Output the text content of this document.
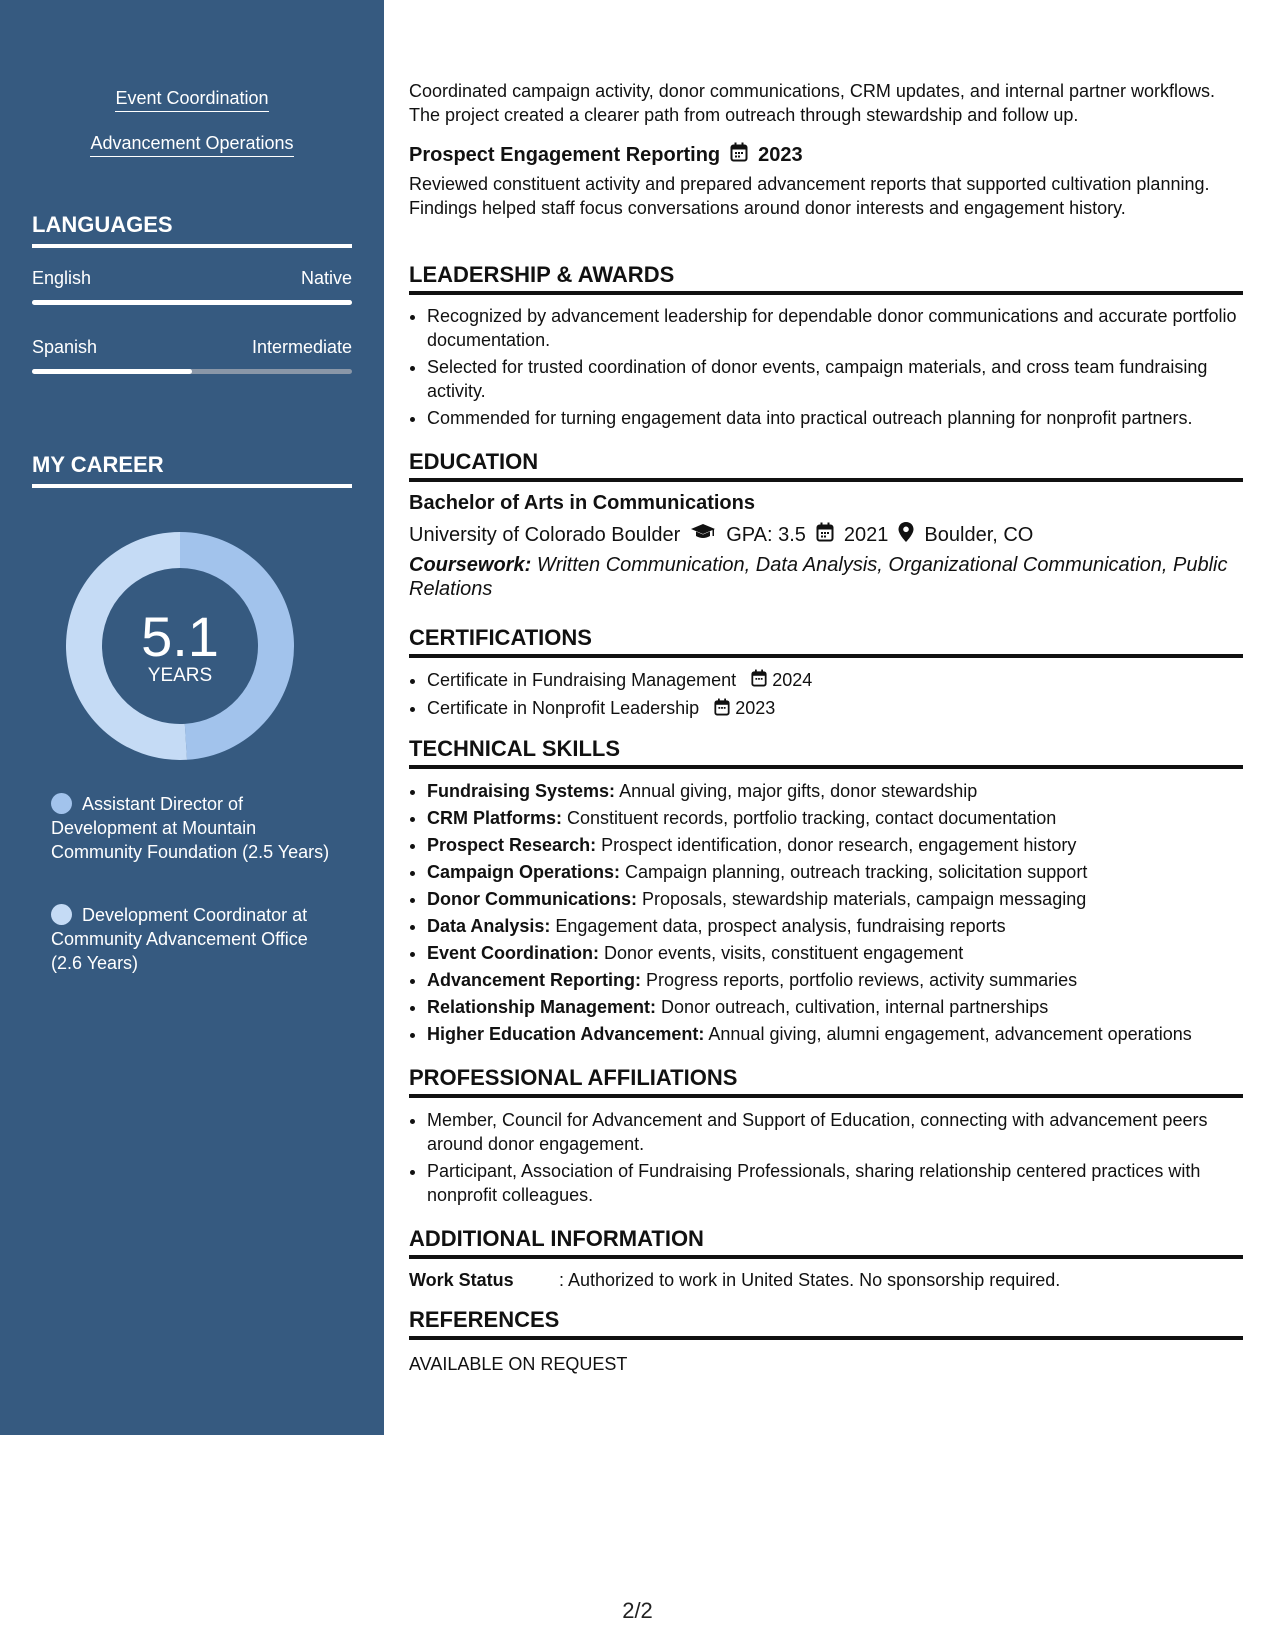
Event Coordination
Advancement Operations
LANGUAGES
English	Native
Spanish	Intermediate
MY CAREER
5.1
YEARS
Assistant Director of Development at Mountain Community Foundation (2.5 Years)
Development Coordinator at Community Advancement Office (2.6 Years)
Coordinated campaign activity, donor communications, CRM updates, and internal partner workflows. The project created a clearer path from outreach through stewardship and follow up.
Prospect Engagement Reporting 2023
Reviewed constituent activity and prepared advancement reports that supported cultivation planning. Findings helped staff focus conversations around donor interests and engagement history.
LEADERSHIP & AWARDS
• Recognized by advancement leadership for dependable donor communications and accurate portfolio documentation.
• Selected for trusted coordination of donor events, campaign materials, and cross team fundraising activity.
• Commended for turning engagement data into practical outreach planning for nonprofit partners.
EDUCATION
Bachelor of Arts in Communications
University of Colorado Boulder GPA: 3.5 2021 Boulder, CO
Coursework: Written Communication, Data Analysis, Organizational Communication, Public Relations
CERTIFICATIONS
• Certificate in Fundraising Management 2024
• Certificate in Nonprofit Leadership 2023
TECHNICAL SKILLS
• Fundraising Systems: Annual giving, major gifts, donor stewardship
• CRM Platforms: Constituent records, portfolio tracking, contact documentation
• Prospect Research: Prospect identification, donor research, engagement history
• Campaign Operations: Campaign planning, outreach tracking, solicitation support
• Donor Communications: Proposals, stewardship materials, campaign messaging
• Data Analysis: Engagement data, prospect analysis, fundraising reports
• Event Coordination: Donor events, visits, constituent engagement
• Advancement Reporting: Progress reports, portfolio reviews, activity summaries
• Relationship Management: Donor outreach, cultivation, internal partnerships
• Higher Education Advancement: Annual giving, alumni engagement, advancement operations
PROFESSIONAL AFFILIATIONS
• Member, Council for Advancement and Support of Education, connecting with advancement peers around donor engagement.
• Participant, Association of Fundraising Professionals, sharing relationship centered practices with nonprofit colleagues.
ADDITIONAL INFORMATION
Work Status	: Authorized to work in United States. No sponsorship required.
REFERENCES
AVAILABLE ON REQUEST
2/2
